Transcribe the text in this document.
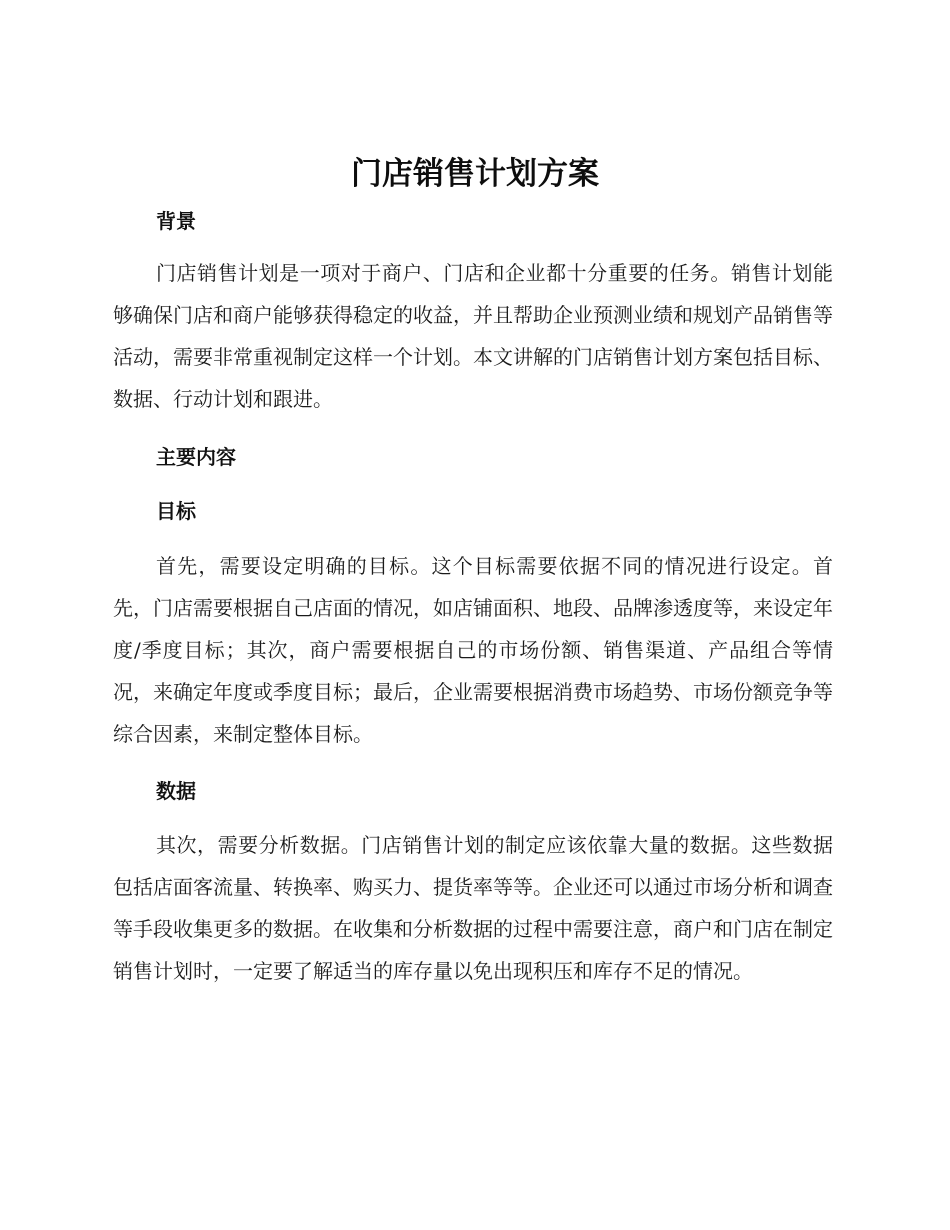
门店销售计划方案
背景

门店销售计划是一项对于商户、门店和企业都十分重要的任务。销售计划能够确保门店和商户能够获得稳定的收益，并且帮助企业预测业绩和规划产品销售等活动，需要非常重视制定这样一个计划。本文讲解的门店销售计划方案包括目标、数据、行动计划和跟进。

主要内容
目标

首先，需要设定明确的目标。这个目标需要依据不同的情况进行设定。首先，门店需要根据自己店面的情况，如店铺面积、地段、品牌渗透度等，来设定年度/季度目标；其次，商户需要根据自己的市场份额、销售渠道、产品组合等情况，来确定年度或季度目标；最后，企业需要根据消费市场趋势、市场份额竞争等综合因素，来制定整体目标。

数据

其次，需要分析数据。门店销售计划的制定应该依靠大量的数据。这些数据包括店面客流量、转换率、购买力、提货率等等。企业还可以通过市场分析和调查等手段收集更多的数据。在收集和分析数据的过程中需要注意，商户和门店在制定销售计划时，一定要了解适当的库存量以免出现积压和库存不足的情况。
